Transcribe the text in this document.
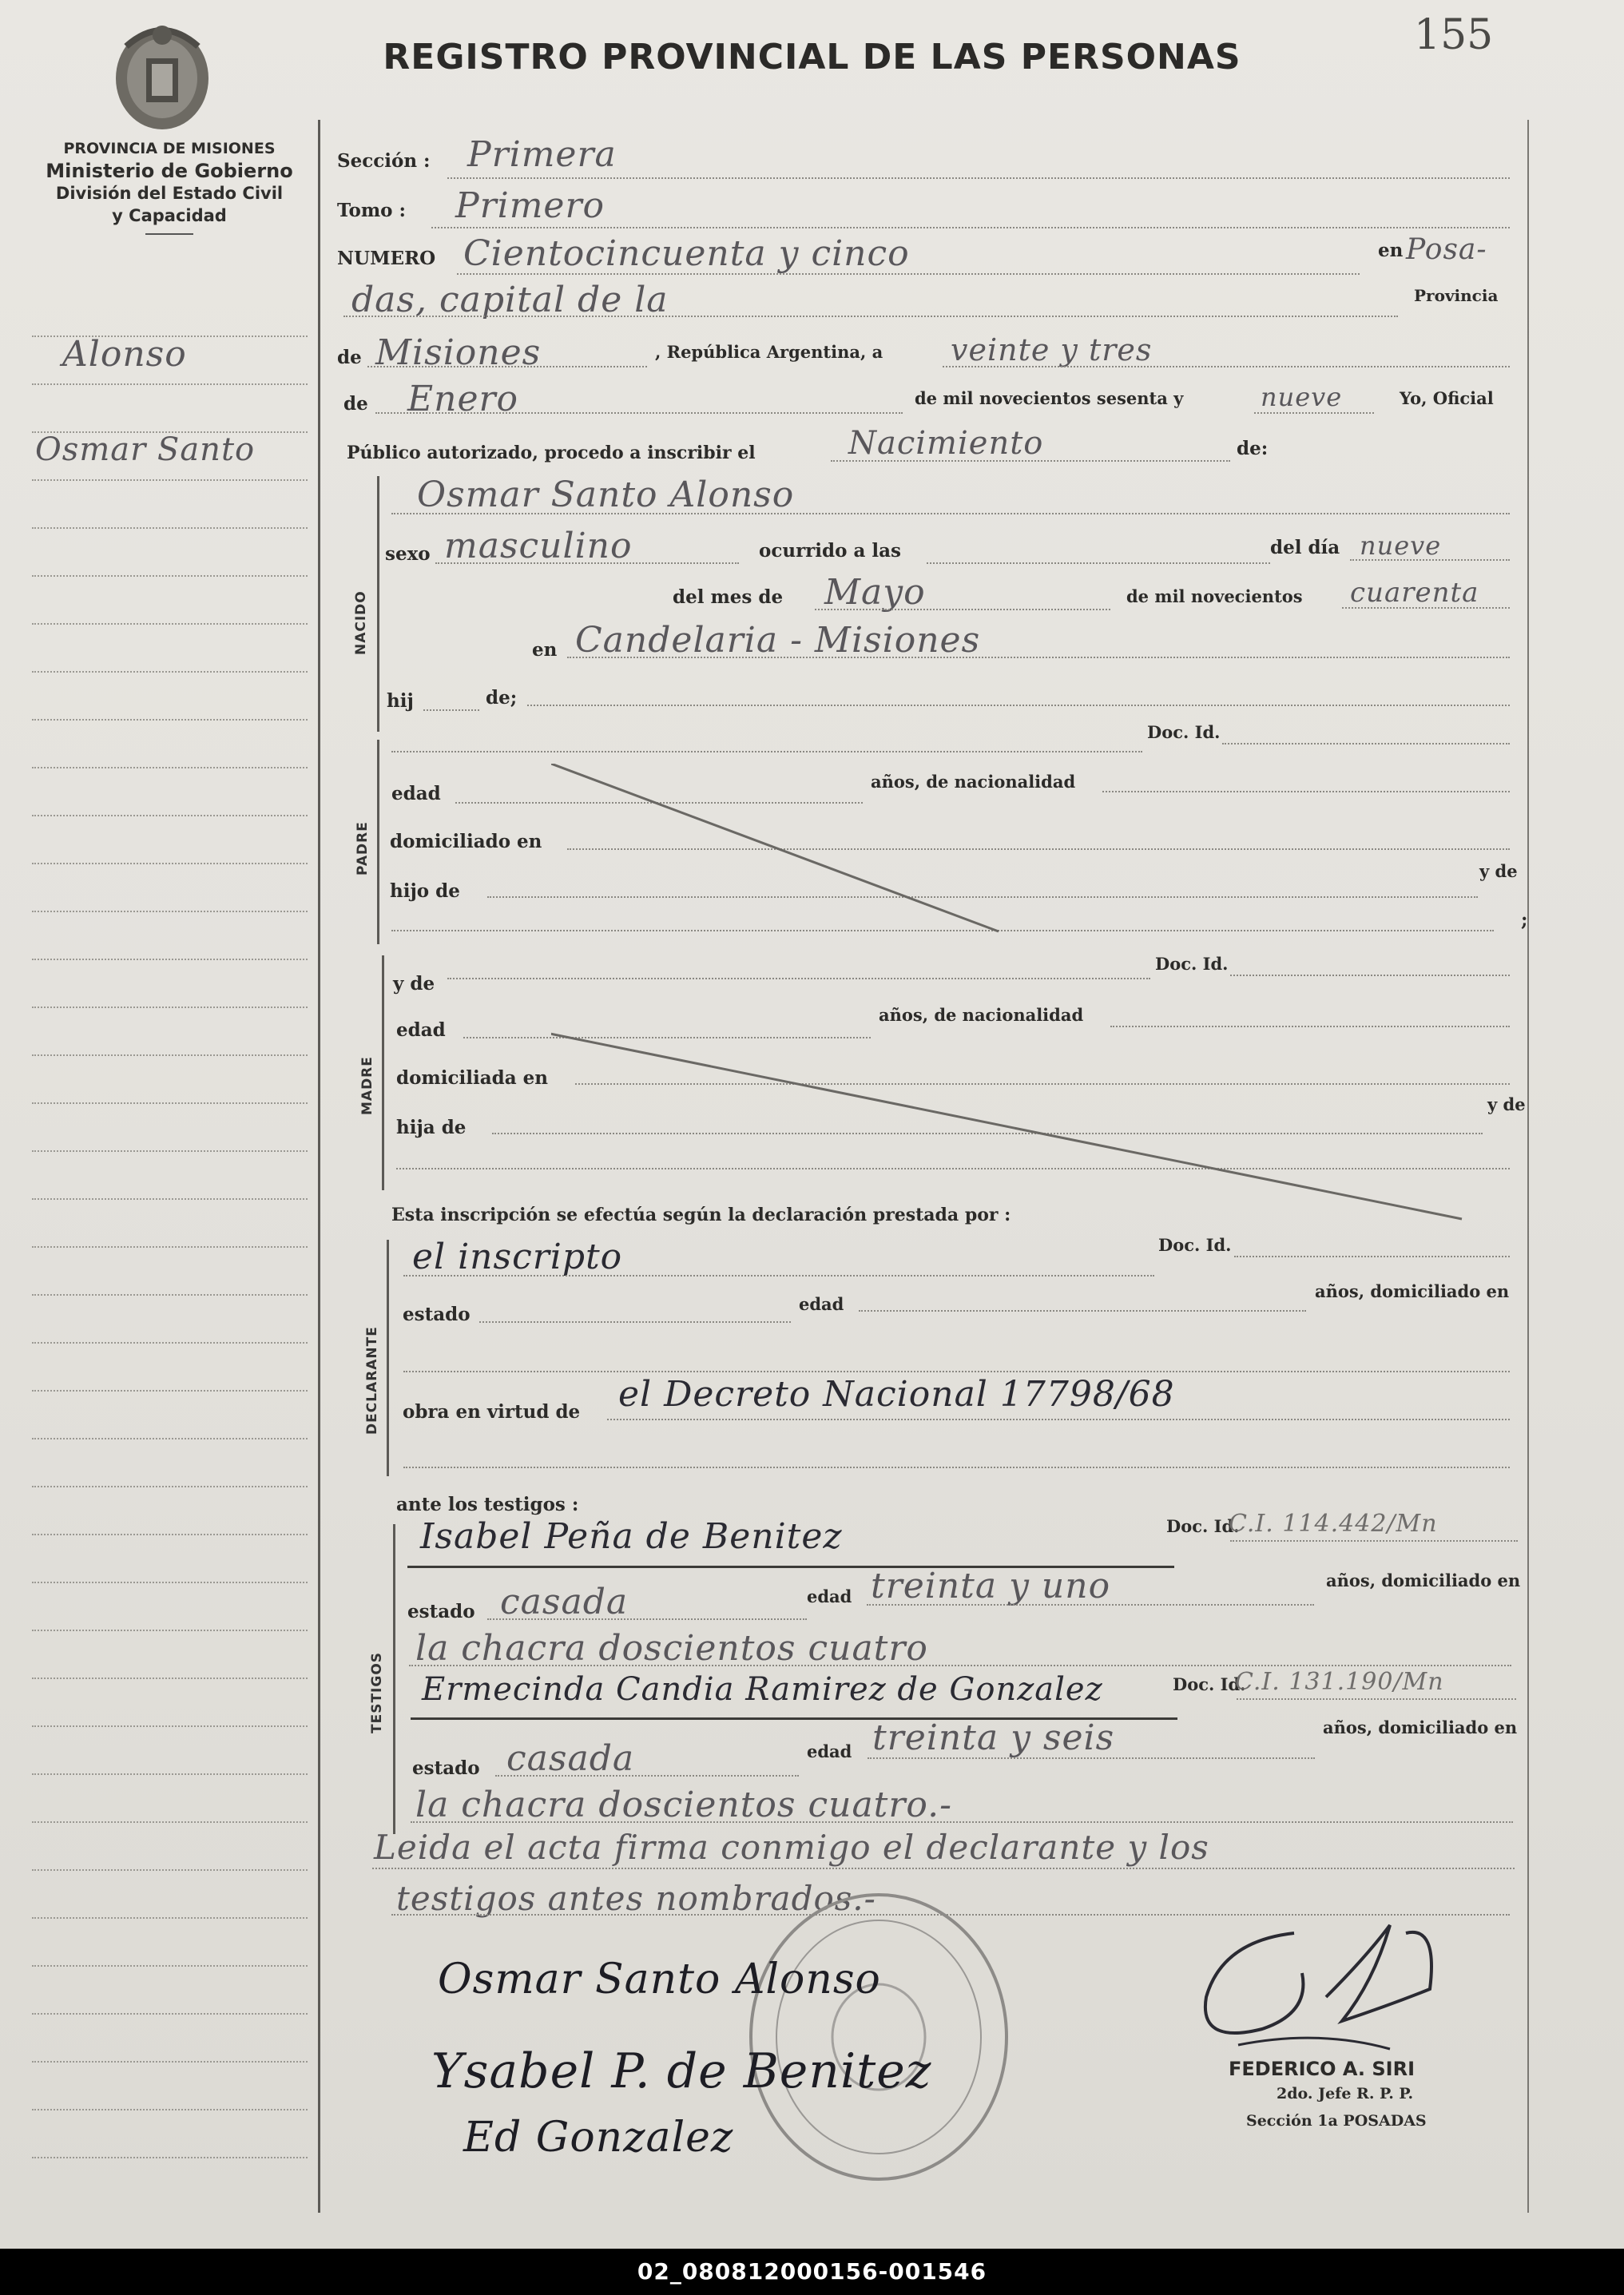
REGISTRO PROVINCIAL DE LAS PERSONAS	155
PROVINCIA DE MISIONES
Ministerio de Gobierno
División del Estado Civil
y Capacidad
Alonso
Osmar Santo
Sección : Primera
Tomo : Primero
NUMERO Cientocincuenta y cinco	en Posa-
das, capital de la	Provincia
de Misiones	, República Argentina, a veinte y tres
de Enero	de mil novecientos sesenta y	nueve	Yo, Oficial
Público autorizado, procedo a inscribir el	Nacimiento	de:
NACIDO
Osmar Santo Alonso
sexo masculino	ocurrido a las	del día nueve
del mes de Mayo	de mil novecientos cuarenta
en Candelaria - Misiones
hij	de;
PADRE
Doc. Id.
edad
años, de nacionalidad
domiciliado en
hijo de
y de
;
MADRE
y de
Doc. Id.
edad
años, de nacionalidad
domiciliada en
hija de
y de
Esta inscripción se efectúa según la declaración prestada por :
DECLARANTE
el inscripto	Doc. Id.
estado	edad
años, domiciliado en
obra en virtud de el Decreto Nacional 17798/68
ante los testigos :
TESTIGOS
Isabel Peña de Benitez	Doc. Id.
C.I. 114.442/Mn
estado casada	edad treinta y uno	años, domiciliado en
la chacra doscientos cuatro
Ermecinda Candia Ramirez de Gonzalez	Doc. Id.
C.I. 131.190/Mn
estado casada	edad treinta y seis	años, domiciliado en
la chacra doscientos cuatro.-
Leida el acta firma conmigo el declarante y los
testigos antes nombrados.-
Osmar Santo Alonso
Ysabel P. de Benitez
Ed Gonzalez
FEDERICO A. SIRI
2do. Jefe R. P. P.
Sección 1a POSADAS
02_080812000156-001546
